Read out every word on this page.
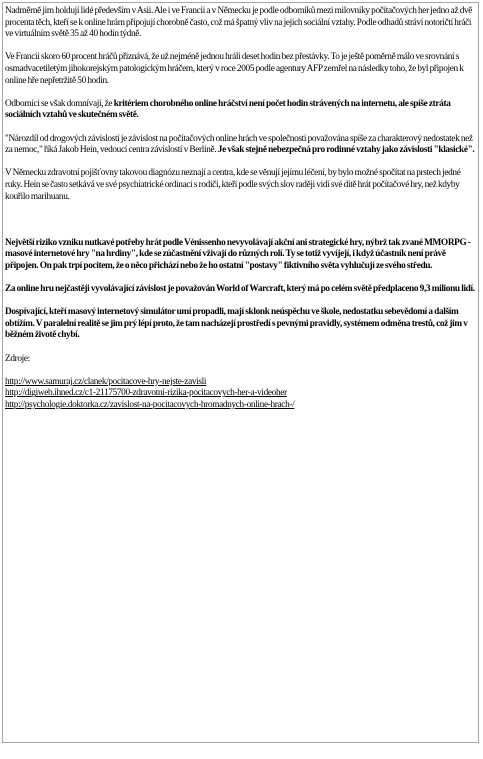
Nadměrně jim holdují lidé především v Asii. Ale i ve Francii a v Německu je podle odborníků mezi milovníky počítačových her jedno až dvě procenta těch, kteří se k online hrám připojují chorobně často, což má špatný vliv na jejich sociální vztahy. Podle odhadů stráví notoričtí hráči ve virtuálním světě 35 až 40 hodin týdně.

Ve Francii skoro 60 procent hráčů přiznává, že už nejméně jednou hráli deset hodin bez přestávky. To je ještě poměrně málo ve srovnání s osmadvacetiletým jihokorejským patologickým hráčem, který v roce 2005 podle agentury AFP zemřel na následky toho, že byl připojen k online hře nepřetržitě 50 hodin.

Odborníci se však domnívají, že kritériem chorobného online hráčství není počet hodin strávených na internetu, ale spíše ztráta sociálních vztahů ve skutečném světě.

"Nározdíl od drogových závislostí je závislost na počítačových online hrách ve společnosti považována spíše za charakterový nedostatek než za nemoc," říká Jakob Hein, vedoucí centra závislostí v Berlíně. Je však stejně nebezpečná pro rodinné vztahy jako závislosti "klasické".

V Německu zdravotní pojišťovny takovou diagnózu neznají a centra, kde se věnují jejímu léčení, by bylo možné spočítat na prstech jedné ruky. Hein se často setkává ve své psychiatrické ordinaci s rodiči, kteří podle svých slov raději vidí své dítě hrát počítačové hry, než kdyby kouřilo marihuanu.

Největší riziko vzniku nutkavé potřeby hrát podle Vénissenho nevyvolávají akční ani strategické hry, nýbrž tak zvané MMORPG - masové internetové hry "na hrdiny", kde se zúčastnění vživají do různých rolí. Ty se totiž vyvíjejí, i když účastník není právě připojen. On pak trpí pocitem, že o něco přichází nebo že ho ostatní "postavy" fiktivního světa vyhlučují ze svého středu.

Za online hru nejčastěji vyvolávající závislost je považován World of Warcraft, který má po celém světě předplaceno 9,3 milionu lidí.

Dospívající, kteří masový internetový simulátor umí propadli, mají sklonk neúspěchu ve škole, nedostatku sebevědomí a dalším obtížím. V paralelní realitě se jim prý lépí proto, že tam nacházejí prostředí s pevnými pravidly, systémem odměna trestů, což jim v běžném životě chybí.

Zdroje:

http://www.samuraj.cz/clanek/pocitacove-hry-nejste-zavisli
http://digiweb.ihned.cz/c1-21175700-zdravotni-rizika-pocitacovych-her-a-videoher
http://psychologie.doktorka.cz/zavislost-na-pocitacovych-hromadnych-online-hrach-/
